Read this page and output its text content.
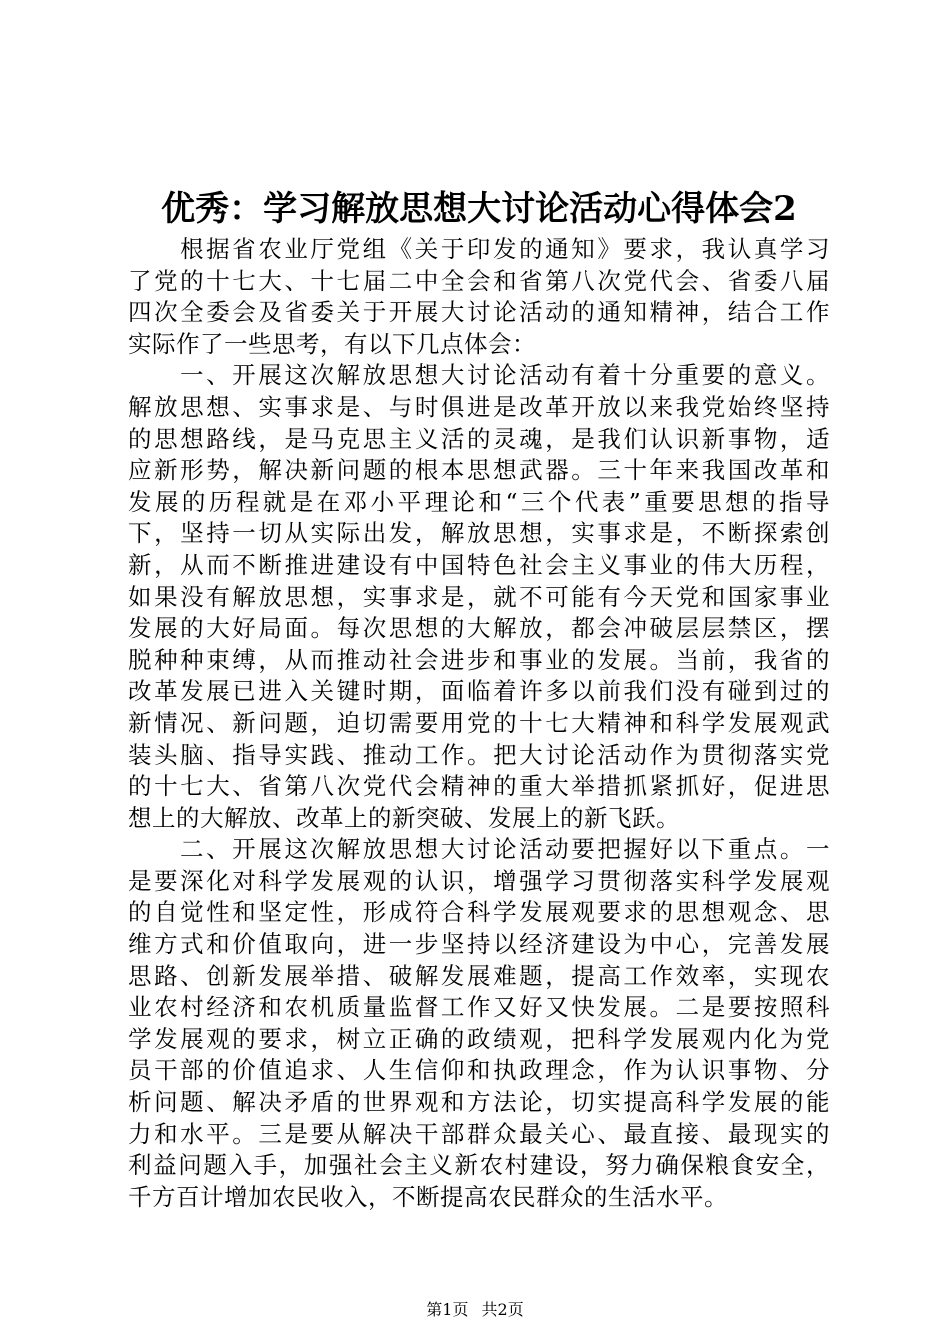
优秀：学习解放思想大讨论活动心得体会2
根据省农业厅党组《关于印发的通知》要求，我认真学习
了党的十七大、十七届二中全会和省第八次党代会、省委八届
四次全委会及省委关于开展大讨论活动的通知精神，结合工作
实际作了一些思考，有以下几点体会：
一、开展这次解放思想大讨论活动有着十分重要的意义。
解放思想、实事求是、与时俱进是改革开放以来我党始终坚持
的思想路线，是马克思主义活的灵魂，是我们认识新事物，适
应新形势，解决新问题的根本思想武器。三十年来我国改革和
发展的历程就是在邓小平理论和“三个代表”重要思想的指导
下，坚持一切从实际出发，解放思想，实事求是，不断探索创
新，从而不断推进建设有中国特色社会主义事业的伟大历程，
如果没有解放思想，实事求是，就不可能有今天党和国家事业
发展的大好局面。每次思想的大解放，都会冲破层层禁区，摆
脱种种束缚，从而推动社会进步和事业的发展。当前，我省的
改革发展已进入关键时期，面临着许多以前我们没有碰到过的
新情况、新问题，迫切需要用党的十七大精神和科学发展观武
装头脑、指导实践、推动工作。把大讨论活动作为贯彻落实党
的十七大、省第八次党代会精神的重大举措抓紧抓好，促进思
想上的大解放、改革上的新突破、发展上的新飞跃。
二、开展这次解放思想大讨论活动要把握好以下重点。一
是要深化对科学发展观的认识，增强学习贯彻落实科学发展观
的自觉性和坚定性，形成符合科学发展观要求的思想观念、思
维方式和价值取向，进一步坚持以经济建设为中心，完善发展
思路、创新发展举措、破解发展难题，提高工作效率，实现农
业农村经济和农机质量监督工作又好又快发展。二是要按照科
学发展观的要求，树立正确的政绩观，把科学发展观内化为党
员干部的价值追求、人生信仰和执政理念，作为认识事物、分
析问题、解决矛盾的世界观和方法论，切实提高科学发展的能
力和水平。三是要从解决干部群众最关心、最直接、最现实的
利益问题入手，加强社会主义新农村建设，努力确保粮食安全，
千方百计增加农民收入，不断提高农民群众的生活水平。
第1页 共2页
